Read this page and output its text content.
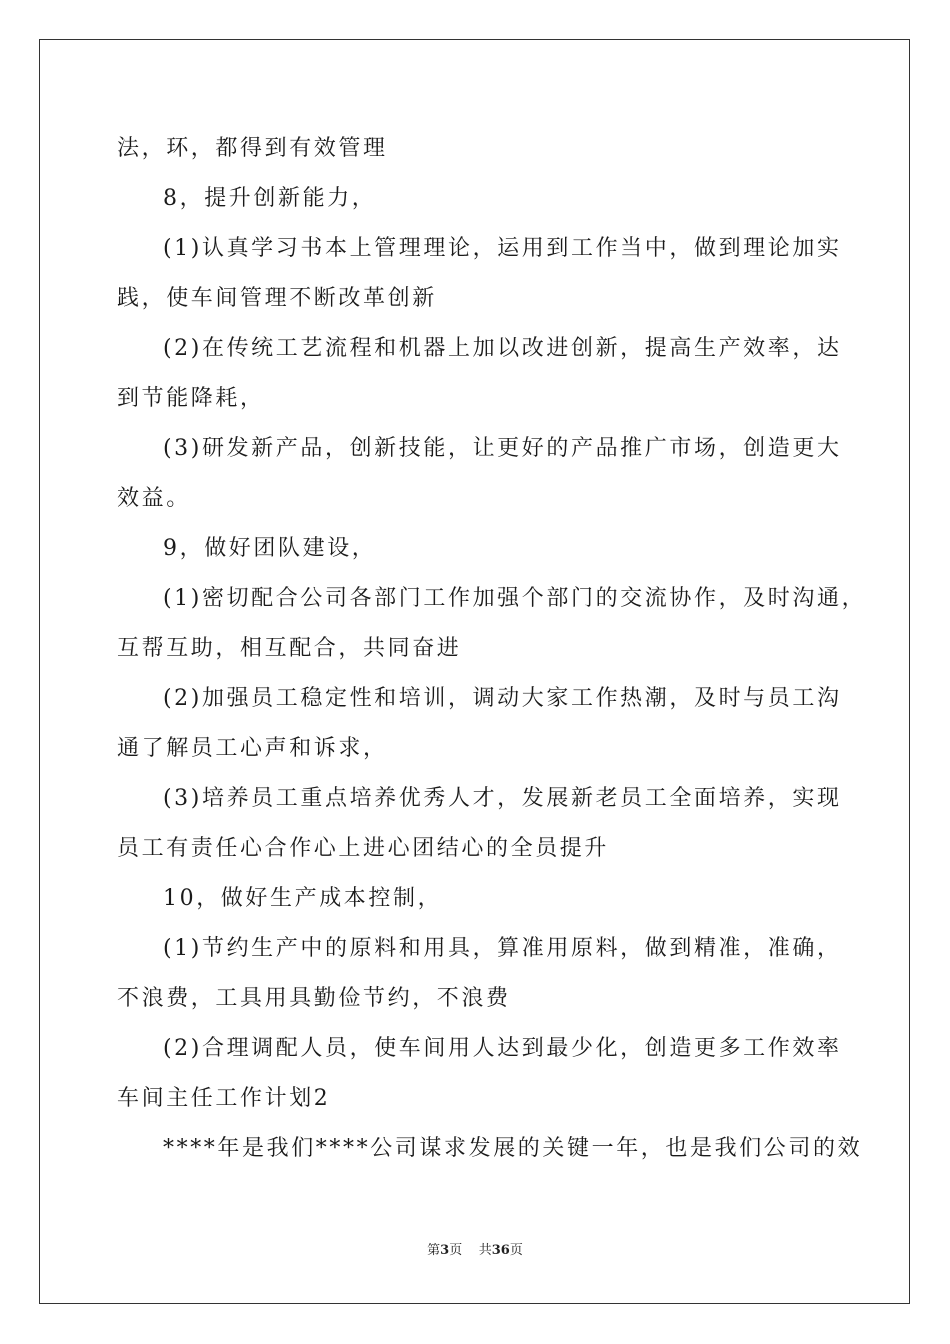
法，环，都得到有效管理
8，提升创新能力，
(1)认真学习书本上管理理论，运用到工作当中，做到理论加实
践，使车间管理不断改革创新
(2)在传统工艺流程和机器上加以改进创新，提高生产效率，达
到节能降耗，
(3)研发新产品，创新技能，让更好的产品推广市场，创造更大
效益。
9，做好团队建设，
(1)密切配合公司各部门工作加强个部门的交流协作，及时沟通，
互帮互助，相互配合，共同奋进
(2)加强员工稳定性和培训，调动大家工作热潮，及时与员工沟
通了解员工心声和诉求，
(3)培养员工重点培养优秀人才，发展新老员工全面培养，实现
员工有责任心合作心上进心团结心的全员提升
10，做好生产成本控制，
(1)节约生产中的原料和用具，算准用原料，做到精准，准确，
不浪费，工具用具勤俭节约，不浪费
(2)合理调配人员，使车间用人达到最少化，创造更多工作效率
车间主任工作计划2
****年是我们****公司谋求发展的关键一年，也是我们公司的效
第3页 共36页
